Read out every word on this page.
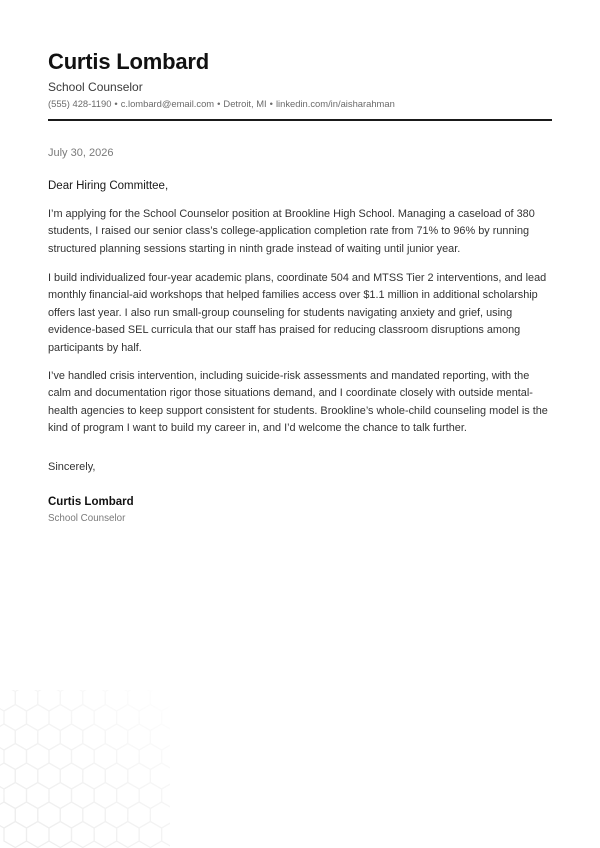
Curtis Lombard
School Counselor
(555) 428-1190 • c.lombard@email.com • Detroit, MI • linkedin.com/in/aisharahman
July 30, 2026
Dear Hiring Committee,

I’m applying for the School Counselor position at Brookline High School. Managing a caseload of 380 students, I raised our senior class’s college-application completion rate from 71% to 96% by running structured planning sessions starting in ninth grade instead of waiting until junior year.

I build individualized four-year academic plans, coordinate 504 and MTSS Tier 2 interventions, and lead monthly financial-aid workshops that helped families access over $1.1 million in additional scholarship offers last year. I also run small-group counseling for students navigating anxiety and grief, using evidence-based SEL curricula that our staff has praised for reducing classroom disruptions among participants by half.

I’ve handled crisis intervention, including suicide-risk assessments and mandated reporting, with the calm and documentation rigor those situations demand, and I coordinate closely with outside mental-health agencies to keep support consistent for students. Brookline’s whole-child counseling model is the kind of program I want to build my career in, and I’d welcome the chance to talk further.

Sincerely,
Curtis Lombard
School Counselor
